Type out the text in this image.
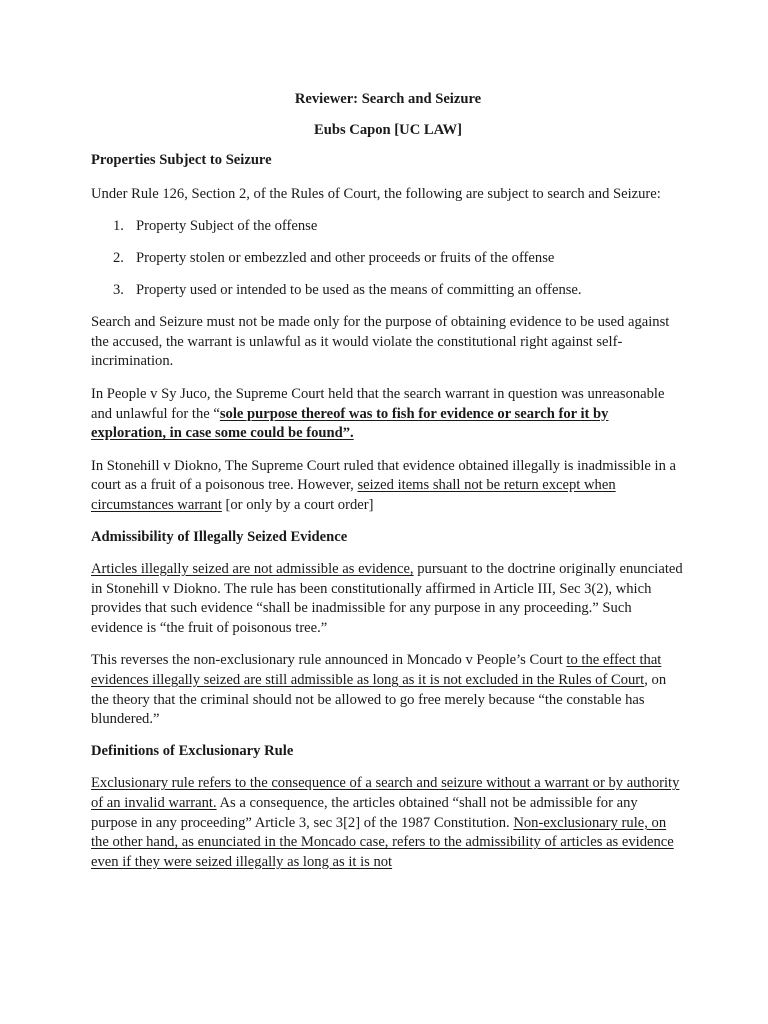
Reviewer: Search and Seizure

Eubs Capon [UC LAW]

Properties Subject to Seizure

Under Rule 126, Section 2, of the Rules of Court, the following are subject to search and Seizure:

1. Property Subject of the offense
2. Property stolen or embezzled and other proceeds or fruits of the offense
3. Property used or intended to be used as the means of committing an offense.

Search and Seizure must not be made only for the purpose of obtaining evidence to be used against the accused, the warrant is unlawful as it would violate the constitutional right against self-incrimination.

In People v Sy Juco, the Supreme Court held that the search warrant in question was unreasonable and unlawful for the “sole purpose thereof was to fish for evidence or search for it by exploration, in case some could be found”.

In Stonehill v Diokno, The Supreme Court ruled that evidence obtained illegally is inadmissible in a court as a fruit of a poisonous tree. However, seized items shall not be return except when circumstances warrant [or only by a court order]

Admissibility of Illegally Seized Evidence

Articles illegally seized are not admissible as evidence, pursuant to the doctrine originally enunciated in Stonehill v Diokno. The rule has been constitutionally affirmed in Article III, Sec 3(2), which provides that such evidence “shall be inadmissible for any purpose in any proceeding.” Such evidence is “the fruit of poisonous tree.”

This reverses the non-exclusionary rule announced in Moncado v People’s Court to the effect that evidences illegally seized are still admissible as long as it is not excluded in the Rules of Court, on the theory that the criminal should not be allowed to go free merely because “the constable has blundered.”

Definitions of Exclusionary Rule

Exclusionary rule refers to the consequence of a search and seizure without a warrant or by authority of an invalid warrant. As a consequence, the articles obtained “shall not be admissible for any purpose in any proceeding” Article 3, sec 3[2] of the 1987 Constitution. Non-exclusionary rule, on the other hand, as enunciated in the Moncado case, refers to the admissibility of articles as evidence even if they were seized illegally as long as it is not
